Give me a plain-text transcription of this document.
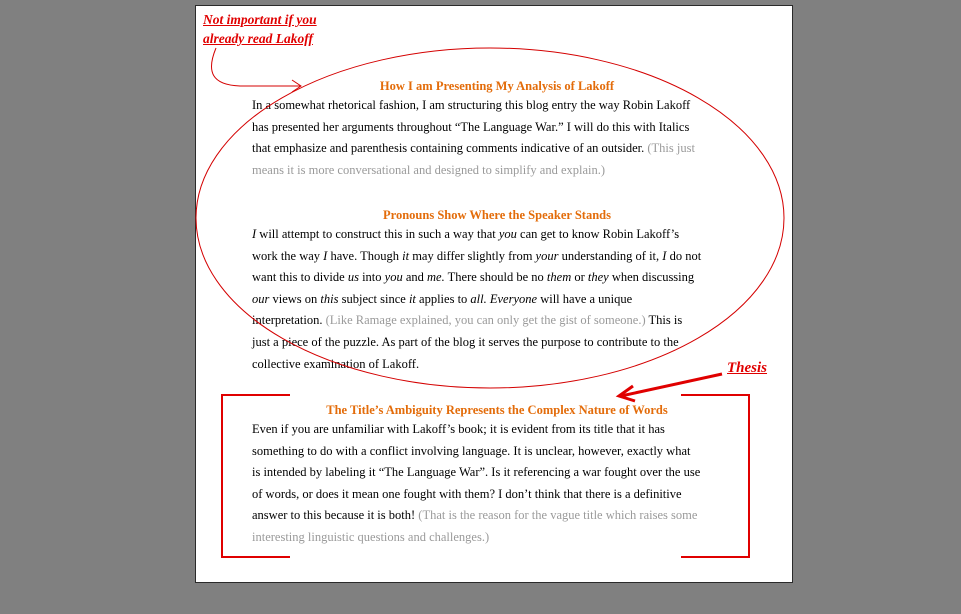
Not important if you
already read Lakoff
Thesis
How I am Presenting My Analysis of Lakoff
In a somewhat rhetorical fashion, I am structuring this blog entry the way Robin Lakoff
has presented her arguments throughout “The Language War.” I will do this with Italics
that emphasize and parenthesis containing comments indicative of an outsider. (This just
means it is more conversational and designed to simplify and explain.)
Pronouns Show Where the Speaker Stands
I will attempt to construct this in such a way that you can get to know Robin Lakoff’s
work the way I have. Though it may differ slightly from your understanding of it, I do not
want this to divide us into you and me. There should be no them or they when discussing
our views on this subject since it applies to all. Everyone will have a unique
interpretation. (Like Ramage explained, you can only get the gist of someone.) This is
just a piece of the puzzle. As part of the blog it serves the purpose to contribute to the
collective examination of Lakoff.
The Title’s Ambiguity Represents the Complex Nature of Words
Even if you are unfamiliar with Lakoff’s book; it is evident from its title that it has
something to do with a conflict involving language. It is unclear, however, exactly what
is intended by labeling it “The Language War”. Is it referencing a war fought over the use
of words, or does it mean one fought with them? I don’t think that there is a definitive
answer to this because it is both! (That is the reason for the vague title which raises some
interesting linguistic questions and challenges.)
